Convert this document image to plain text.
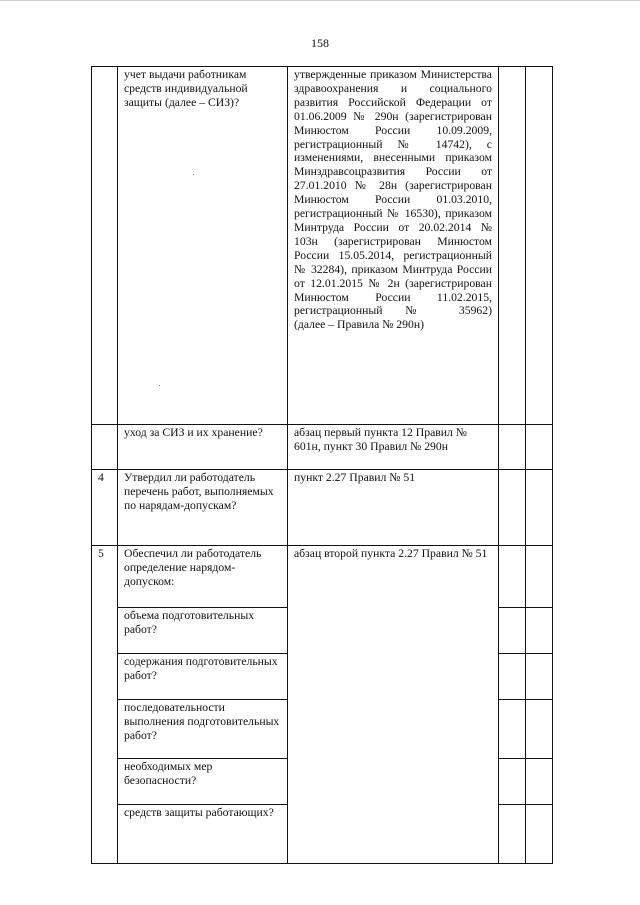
158

	учет выдачи работникам средств индивидуальной защиты (далее – СИЗ)?	утвержденные приказом Министерства здравоохранения и социального развития Российской Федерации от 01.06.2009 № 290н (зарегистрирован Минюстом России 10.09.2009, регистрационный № 14742), с изменениями, внесенными приказом Минздравсоцразвития России от 27.01.2010 № 28н (зарегистрирован Минюстом России 01.03.2010, регистрационный № 16530), приказом Минтруда России от 20.02.2014 № 103н (зарегистрирован Минюстом России 15.05.2014, регистрационный № 32284), приказом Минтруда России от 12.01.2015 № 2н (зарегистрирован Минюстом России 11.02.2015, регистрационный № 35962)
(далее – Правила № 290н)		

	уход за СИЗ и их хранение?	абзац первый пункта 12 Правил № 601н, пункт 30 Правил № 290н		

4	Утвердил ли работодатель перечень работ, выполняемых по нарядам-допускам?	пункт 2.27 Правил № 51		
5	Обеспечил ли работодатель определение нарядом-допуском:	абзац второй пункта 2.27 Правил № 51		

	объема подготовительных работ?			

	содержания подготовительных работ?			

	последовательности выполнения подготовительных работ?			

	необходимых мер безопасности?			

	средств защиты работающих?			
